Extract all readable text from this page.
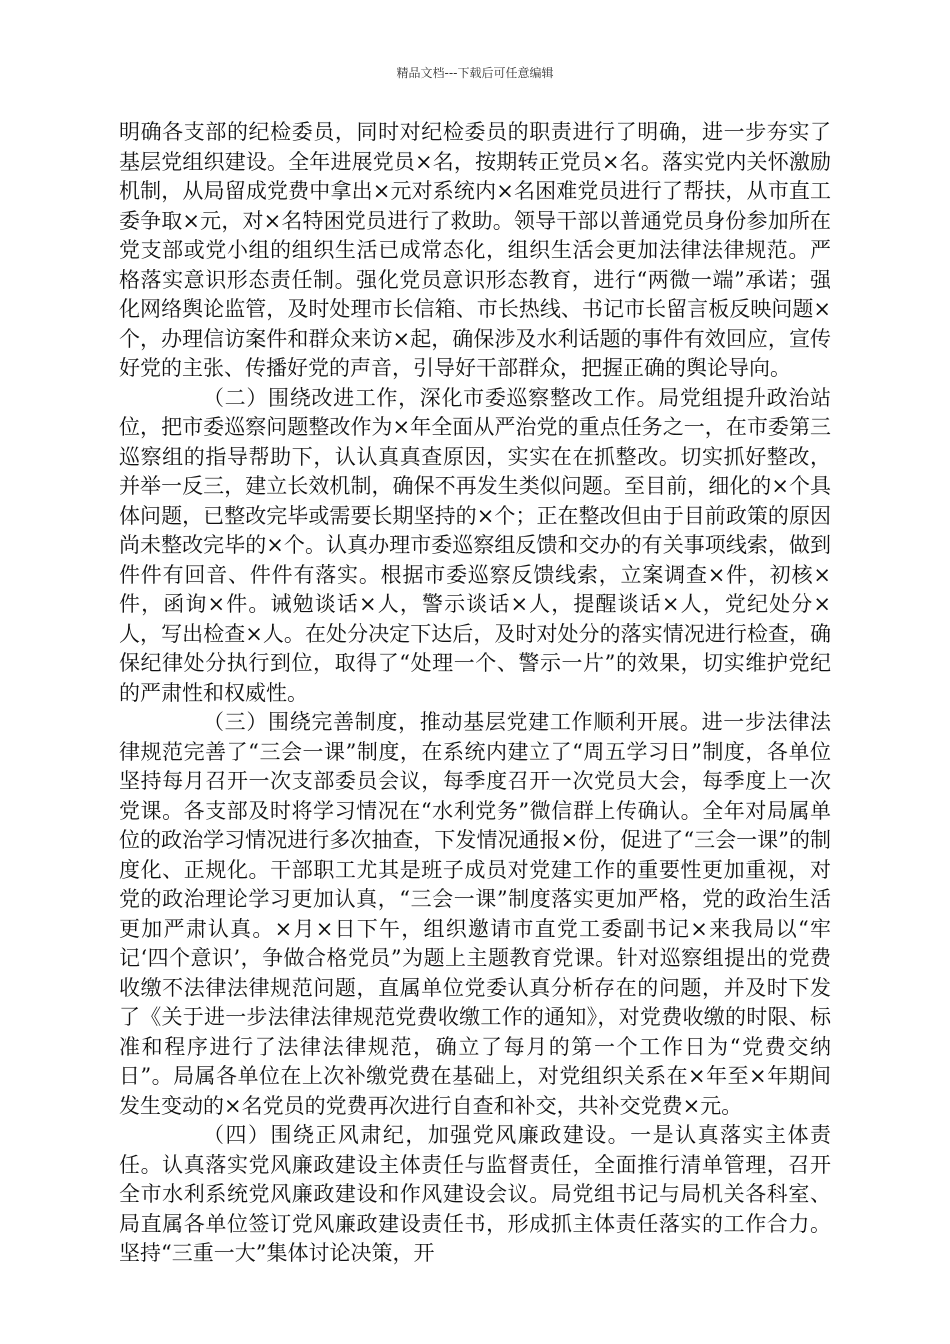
精品文档---下载后可任意编辑

明确各支部的纪检委员，同时对纪检委员的职责进行了明确，进一步夯实了基层党组织建设。全年进展党员×名，按期转正党员×名。落实党内关怀激励机制，从局留成党费中拿出×元对系统内×名困难党员进行了帮扶，从市直工委争取×元，对×名特困党员进行了救助。领导干部以普通党员身份参加所在党支部或党小组的组织生活已成常态化，组织生活会更加法律法律规范。严格落实意识形态责任制。强化党员意识形态教育，进行“两微一端”承诺；强化网络舆论监管，及时处理市长信箱、市长热线、书记市长留言板反映问题×个，办理信访案件和群众来访×起，确保涉及水利话题的事件有效回应，宣传好党的主张、传播好党的声音，引导好干部群众，把握正确的舆论导向。

（二）围绕改进工作，深化市委巡察整改工作。局党组提升政治站位，把市委巡察问题整改作为×年全面从严治党的重点任务之一，在市委第三巡察组的指导帮助下，认认真真查原因，实实在在抓整改。切实抓好整改，并举一反三，建立长效机制，确保不再发生类似问题。至目前，细化的×个具体问题，已整改完毕或需要长期坚持的×个；正在整改但由于目前政策的原因尚未整改完毕的×个。认真办理市委巡察组反馈和交办的有关事项线索，做到件件有回音、件件有落实。根据市委巡察反馈线索，立案调查×件，初核×件，函询×件。诫勉谈话×人，警示谈话×人，提醒谈话×人，党纪处分×人，写出检查×人。在处分决定下达后，及时对处分的落实情况进行检查，确保纪律处分执行到位，取得了“处理一个、警示一片”的效果，切实维护党纪的严肃性和权威性。

（三）围绕完善制度，推动基层党建工作顺利开展。进一步法律法律规范完善了“三会一课”制度，在系统内建立了“周五学习日”制度，各单位坚持每月召开一次支部委员会议，每季度召开一次党员大会，每季度上一次党课。各支部及时将学习情况在“水利党务”微信群上传确认。全年对局属单位的政治学习情况进行多次抽查，下发情况通报×份，促进了“三会一课”的制度化、正规化。干部职工尤其是班子成员对党建工作的重要性更加重视，对党的政治理论学习更加认真，“三会一课”制度落实更加严格，党的政治生活更加严肃认真。×月×日下午，组织邀请市直党工委副书记×来我局以“牢记‘四个意识’，争做合格党员”为题上主题教育党课。针对巡察组提出的党费收缴不法律法律规范问题，直属单位党委认真分析存在的问题，并及时下发了《关于进一步法律法律规范党费收缴工作的通知》，对党费收缴的时限、标准和程序进行了法律法律规范，确立了每月的第一个工作日为“党费交纳日”。局属各单位在上次补缴党费在基础上，对党组织关系在×年至×年期间发生变动的×名党员的党费再次进行自查和补交，共补交党费×元。

（四）围绕正风肃纪，加强党风廉政建设。一是认真落实主体责任。认真落实党风廉政建设主体责任与监督责任，全面推行清单管理，召开全市水利系统党风廉政建设和作风建设会议。局党组书记与局机关各科室、局直属各单位签订党风廉政建设责任书，形成抓主体责任落实的工作合力。坚持“三重一大”集体讨论决策，开
